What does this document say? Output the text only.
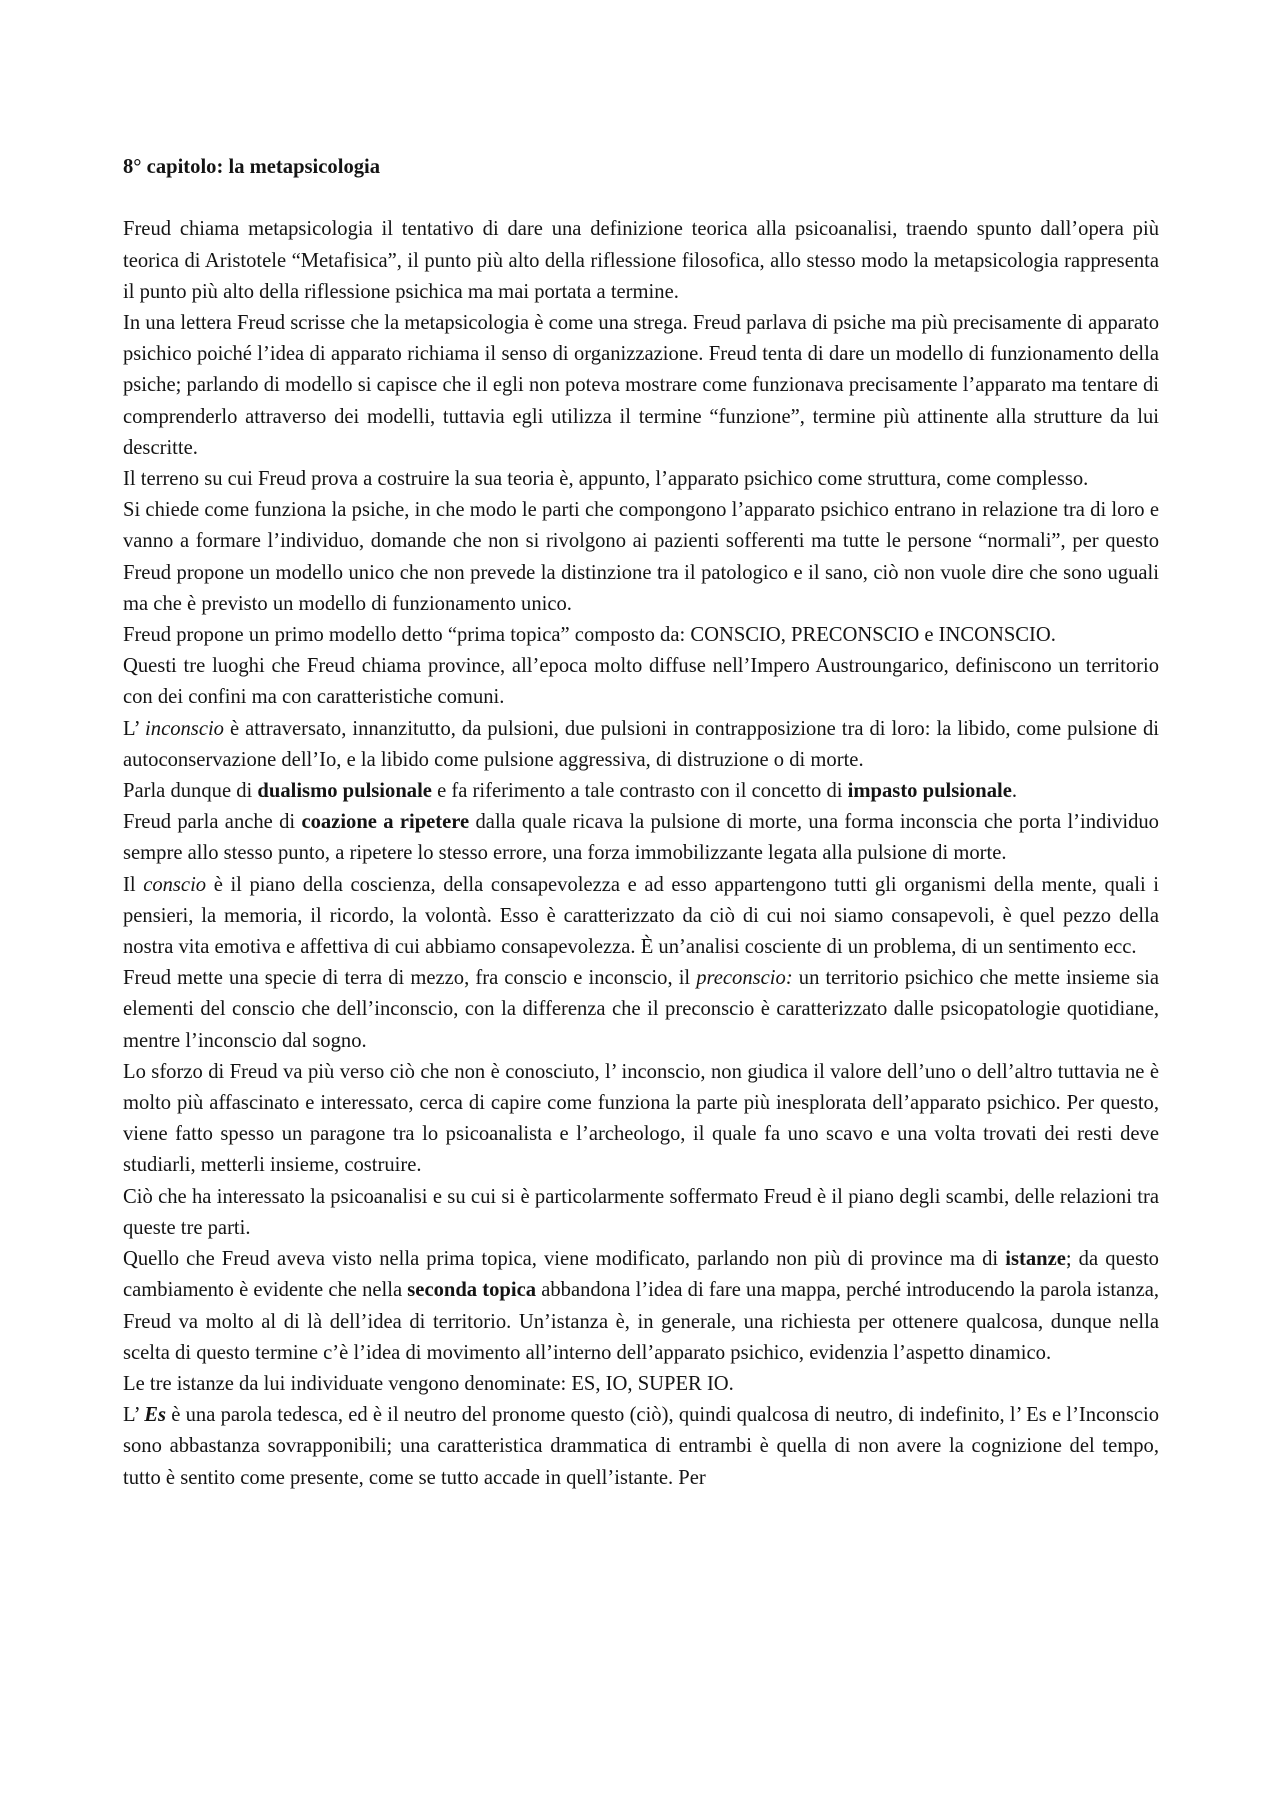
8° capitolo: la metapsicologia

Freud chiama metapsicologia il tentativo di dare una definizione teorica alla psicoanalisi, traendo spunto dall’opera più teorica di Aristotele “Metafisica”, il punto più alto della riflessione filosofica, allo stesso modo la metapsicologia rappresenta il punto più alto della riflessione psichica ma mai portata a termine.

In una lettera Freud scrisse che la metapsicologia è come una strega. Freud parlava di psiche ma più precisamente di apparato psichico poiché l’idea di apparato richiama il senso di organizzazione. Freud tenta di dare un modello di funzionamento della psiche; parlando di modello si capisce che il egli non poteva mostrare come funzionava precisamente l’apparato ma tentare di comprenderlo attraverso dei modelli, tuttavia egli utilizza il termine “funzione”, termine più attinente alla strutture da lui descritte.

Il terreno su cui Freud prova a costruire la sua teoria è, appunto, l’apparato psichico come struttura, come complesso.

Si chiede come funziona la psiche, in che modo le parti che compongono l’apparato psichico entrano in relazione tra di loro e vanno a formare l’individuo, domande che non si rivolgono ai pazienti sofferenti ma tutte le persone “normali”, per questo Freud propone un modello unico che non prevede la distinzione tra il patologico e il sano, ciò non vuole dire che sono uguali ma che è previsto un modello di funzionamento unico.

Freud propone un primo modello detto “prima topica” composto da: CONSCIO, PRECONSCIO e INCONSCIO.

Questi tre luoghi che Freud chiama province, all’epoca molto diffuse nell’Impero Austroungarico, definiscono un territorio con dei confini ma con caratteristiche comuni.

L’ inconscio è attraversato, innanzitutto, da pulsioni, due pulsioni in contrapposizione tra di loro: la libido, come pulsione di autoconservazione dell’Io, e la libido come pulsione aggressiva, di distruzione o di morte.

Parla dunque di dualismo pulsionale e fa riferimento a tale contrasto con il concetto di impasto pulsionale.

Freud parla anche di coazione a ripetere dalla quale ricava la pulsione di morte, una forma inconscia che porta l’individuo sempre allo stesso punto, a ripetere lo stesso errore, una forza immobilizzante legata alla pulsione di morte.

Il conscio è il piano della coscienza, della consapevolezza e ad esso appartengono tutti gli organismi della mente, quali i pensieri, la memoria, il ricordo, la volontà. Esso è caratterizzato da ciò di cui noi siamo consapevoli, è quel pezzo della nostra vita emotiva e affettiva di cui abbiamo consapevolezza. È un’analisi cosciente di un problema, di un sentimento ecc.

Freud mette una specie di terra di mezzo, fra conscio e inconscio, il preconscio: un territorio psichico che mette insieme sia elementi del conscio che dell’inconscio, con la differenza che il preconscio è caratterizzato dalle psicopatologie quotidiane, mentre l’inconscio dal sogno.

Lo sforzo di Freud va più verso ciò che non è conosciuto, l’ inconscio, non giudica il valore dell’uno o dell’altro tuttavia ne è molto più affascinato e interessato, cerca di capire come funziona la parte più inesplorata dell’apparato psichico. Per questo, viene fatto spesso un paragone tra lo psicoanalista e l’archeologo, il quale fa uno scavo e una volta trovati dei resti deve studiarli, metterli insieme, costruire.

Ciò che ha interessato la psicoanalisi e su cui si è particolarmente soffermato Freud è il piano degli scambi, delle relazioni tra queste tre parti.

Quello che Freud aveva visto nella prima topica, viene modificato, parlando non più di province ma di istanze; da questo cambiamento è evidente che nella seconda topica abbandona l’idea di fare una mappa, perché introducendo la parola istanza, Freud va molto al di là dell’idea di territorio. Un’istanza è, in generale, una richiesta per ottenere qualcosa, dunque nella scelta di questo termine c’è l’idea di movimento all’interno dell’apparato psichico, evidenzia l’aspetto dinamico.

Le tre istanze da lui individuate vengono denominate: ES, IO, SUPER IO.

L’ Es è una parola tedesca, ed è il neutro del pronome questo (ciò), quindi qualcosa di neutro, di indefinito, l’ Es e l’Inconscio sono abbastanza sovrapponibili; una caratteristica drammatica di entrambi è quella di non avere la cognizione del tempo, tutto è sentito come presente, come se tutto accade in quell’istante. Per
